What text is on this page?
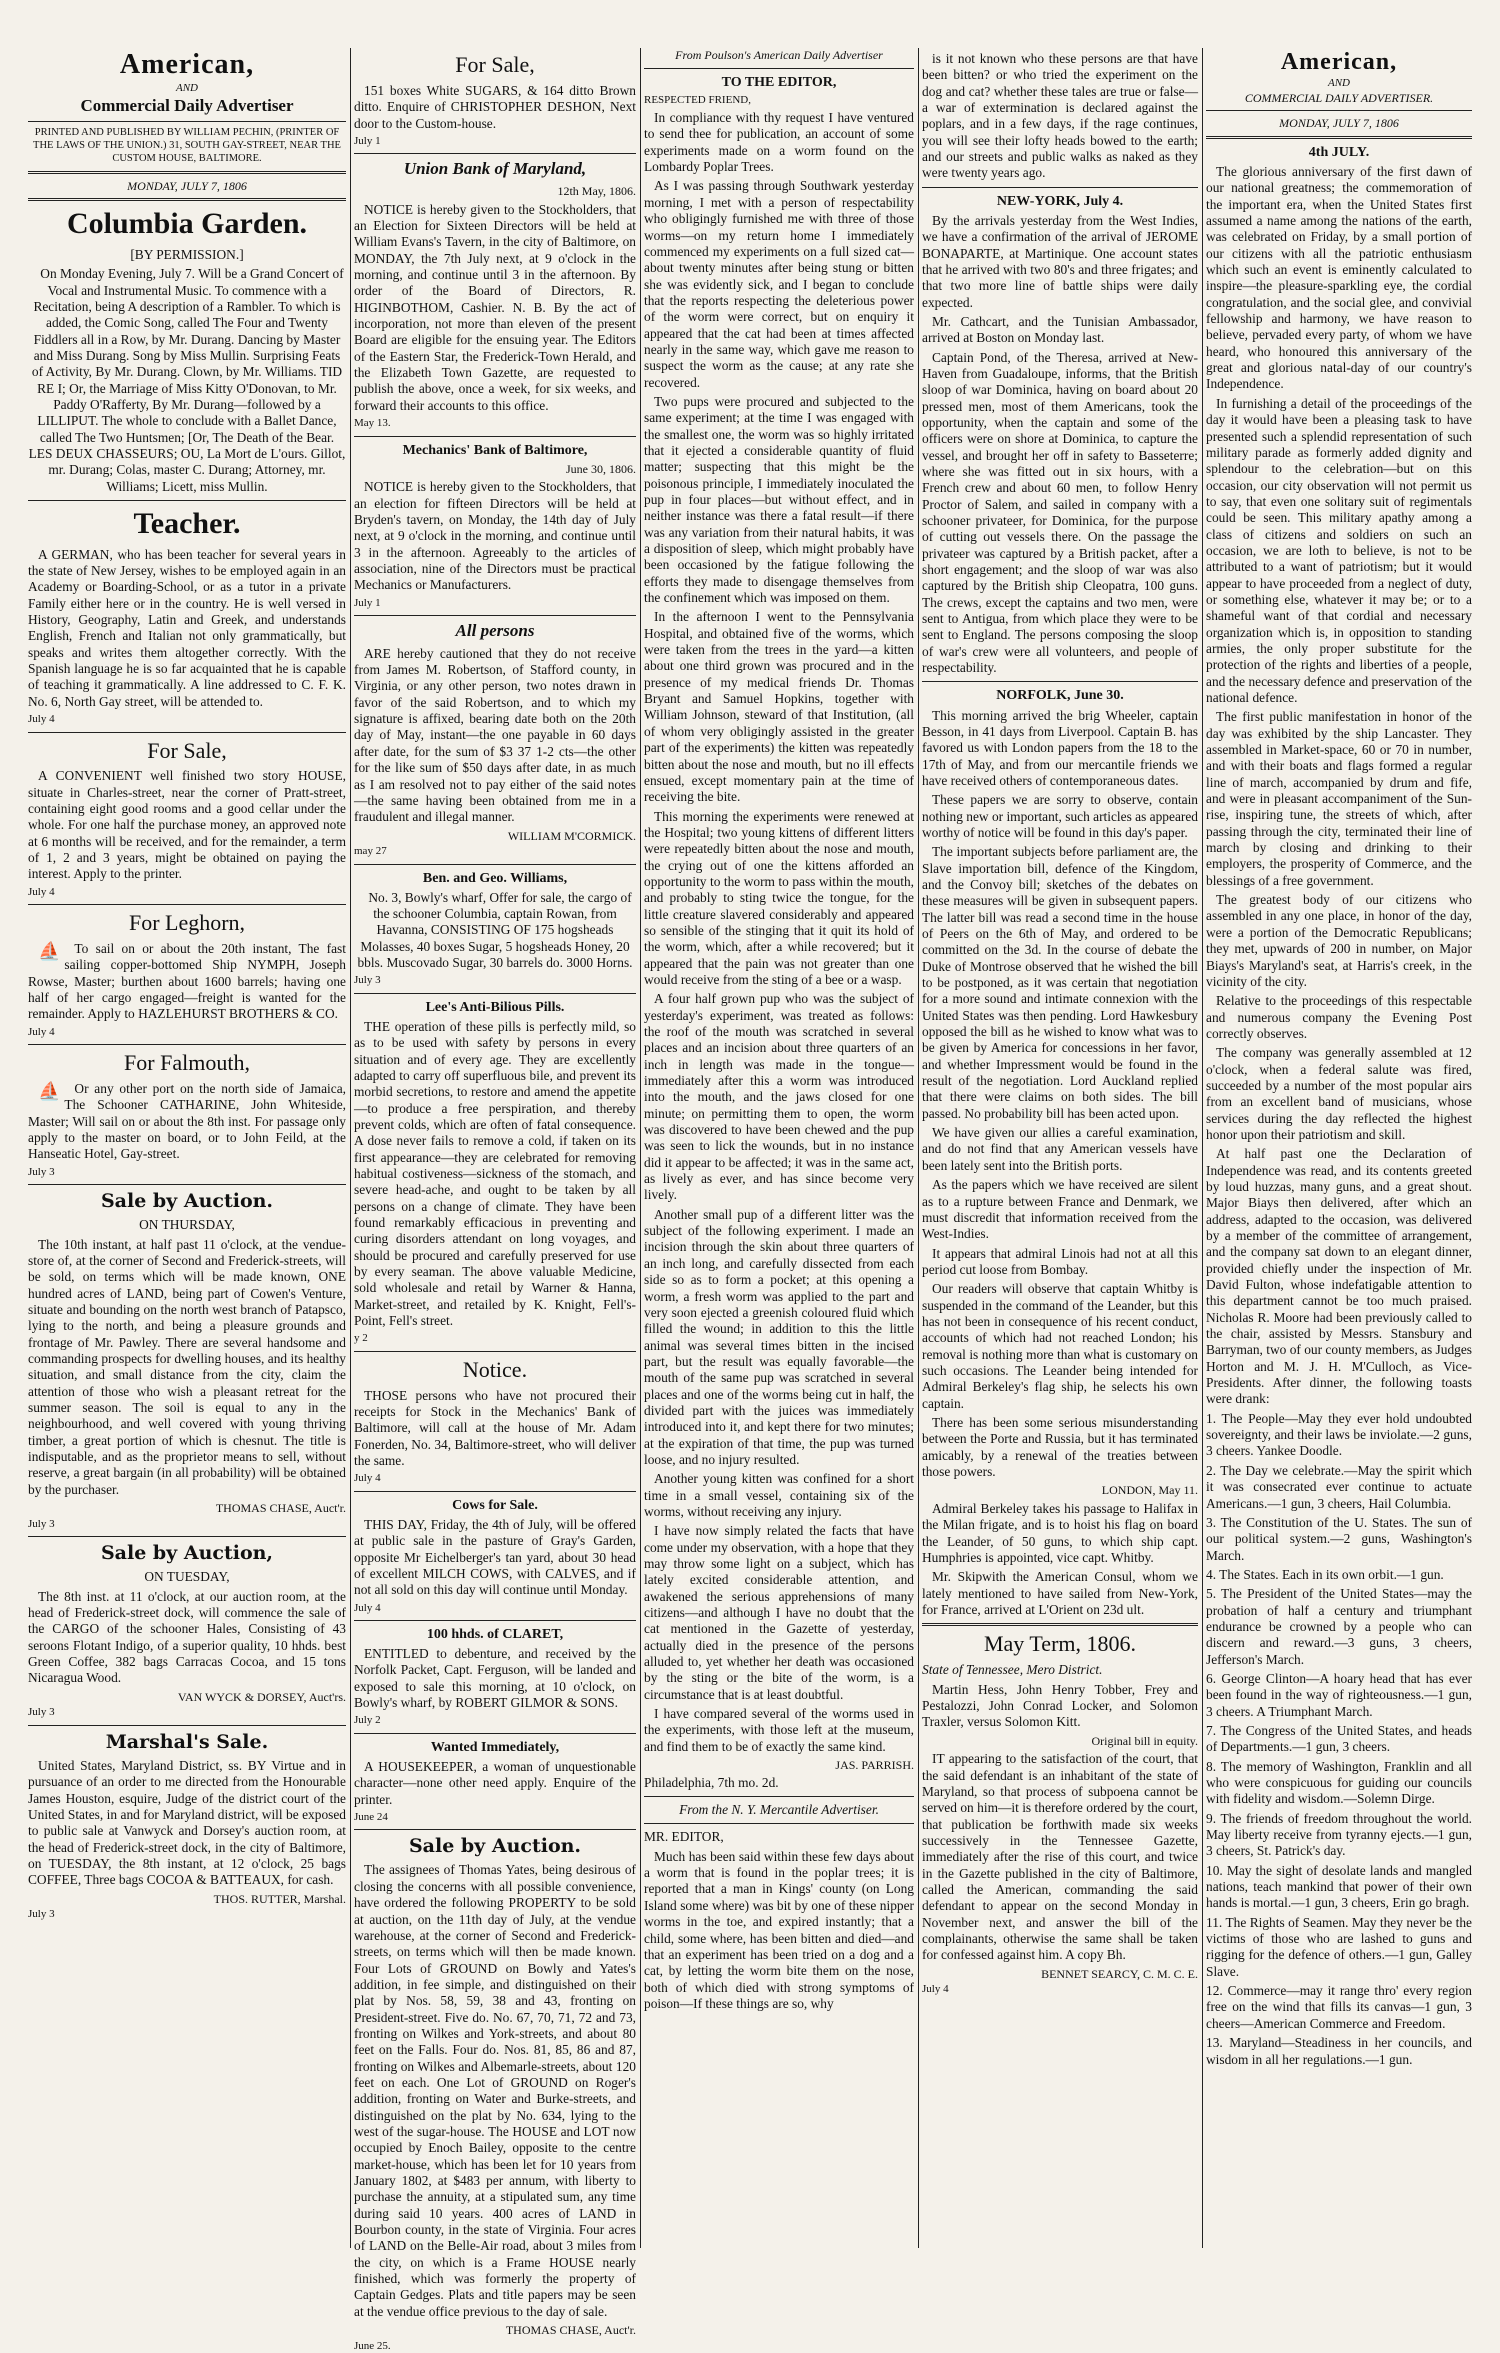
American,
AND
Commercial Daily Advertiser
PRINTED AND PUBLISHED BY WILLIAM PECHIN, (PRINTER OF THE LAWS OF THE UNION.) 31, SOUTH GAY-STREET, NEAR THE CUSTOM HOUSE, BALTIMORE.
MONDAY, JULY 7, 1806
Columbia Garden.
[BY PERMISSION.]

On Monday Evening, July 7. Will be a Grand Concert of Vocal and Instrumental Music. To commence with a Recitation, being A description of a Rambler. To which is added, the Comic Song, called The Four and Twenty Fiddlers all in a Row, by Mr. Durang. Dancing by Master and Miss Durang. Song by Miss Mullin. Surprising Feats of Activity, By Mr. Durang. Clown, by Mr. Williams. TID RE I; Or, the Marriage of Miss Kitty O'Donovan, to Mr. Paddy O'Rafferty, By Mr. Durang—followed by a LILLIPUT. The whole to conclude with a Ballet Dance, called The Two Huntsmen; [Or, The Death of the Bear. LES DEUX CHASSEURS; OU, La Mort de L'ours. Gillot, mr. Durang; Colas, master C. Durang; Attorney, mr. Williams; Licett, miss Mullin.

Teacher.

A GERMAN, who has been teacher for several years in the state of New Jersey, wishes to be employed again in an Academy or Boarding-School, or as a tutor in a private Family either here or in the country. He is well versed in History, Geography, Latin and Greek, and understands English, French and Italian not only grammatically, but speaks and writes them altogether correctly. With the Spanish language he is so far acquainted that he is capable of teaching it grammatically. A line addressed to C. F. K. No. 6, North Gay street, will be attended to.

July 4
For Sale,

A CONVENIENT well finished two story HOUSE, situate in Charles-street, near the corner of Pratt-street, containing eight good rooms and a good cellar under the whole. For one half the purchase money, an approved note at 6 months will be received, and for the remainder, a term of 1, 2 and 3 years, might be obtained on paying the interest. Apply to the printer.

July 4
For Leghorn,

⛵ To sail on or about the 20th instant, The fast sailing copper-bottomed Ship NYMPH, Joseph Rowse, Master; burthen about 1600 barrels; having one half of her cargo engaged—freight is wanted for the remainder. Apply to HAZLEHURST BROTHERS & CO.

July 4
For Falmouth,

⛵ Or any other port on the north side of Jamaica, The Schooner CATHARINE, John Whiteside, Master; Will sail on or about the 8th inst. For passage only apply to the master on board, or to John Feild, at the Hanseatic Hotel, Gay-street.

July 3
Sale by Auction.
ON THURSDAY,

The 10th instant, at half past 11 o'clock, at the vendue-store of, at the corner of Second and Frederick-streets, will be sold, on terms which will be made known, ONE hundred acres of LAND, being part of Cowen's Venture, situate and bounding on the north west branch of Patapsco, lying to the north, and being a pleasure grounds and frontage of Mr. Pawley. There are several handsome and commanding prospects for dwelling houses, and its healthy situation, and small distance from the city, claim the attention of those who wish a pleasant retreat for the summer season. The soil is equal to any in the neighbourhood, and well covered with young thriving timber, a great portion of which is chesnut. The title is indisputable, and as the proprietor means to sell, without reserve, a great bargain (in all probability) will be obtained by the purchaser.

THOMAS CHASE, Auct'r.
July 3
Sale by Auction,
ON TUESDAY,

The 8th inst. at 11 o'clock, at our auction room, at the head of Frederick-street dock, will commence the sale of the CARGO of the schooner Hales, Consisting of 43 seroons Flotant Indigo, of a superior quality, 10 hhds. best Green Coffee, 382 bags Carracas Cocoa, and 15 tons Nicaragua Wood.

VAN WYCK & DORSEY, Auct'rs.
July 3
Marshal's Sale.

United States, Maryland District, ss. BY Virtue and in pursuance of an order to me directed from the Honourable James Houston, esquire, Judge of the district court of the United States, in and for Maryland district, will be exposed to public sale at Vanwyck and Dorsey's auction room, at the head of Frederick-street dock, in the city of Baltimore, on TUESDAY, the 8th instant, at 12 o'clock, 25 bags COFFEE, Three bags COCOA & BATTEAUX, for cash.

THOS. RUTTER, Marshal.
July 3
For Sale,

151 boxes White SUGARS, & 164 ditto Brown ditto. Enquire of CHRISTOPHER DESHON, Next door to the Custom-house.

July 1
Union Bank of Maryland,
12th May, 1806.

NOTICE is hereby given to the Stockholders, that an Election for Sixteen Directors will be held at William Evans's Tavern, in the city of Baltimore, on MONDAY, the 7th July next, at 9 o'clock in the morning, and continue until 3 in the afternoon. By order of the Board of Directors, R. HIGINBOTHOM, Cashier. N. B. By the act of incorporation, not more than eleven of the present Board are eligible for the ensuing year. The Editors of the Eastern Star, the Frederick-Town Herald, and the Elizabeth Town Gazette, are requested to publish the above, once a week, for six weeks, and forward their accounts to this office.

May 13.
Mechanics' Bank of Baltimore,
June 30, 1806.

NOTICE is hereby given to the Stockholders, that an election for fifteen Directors will be held at Bryden's tavern, on Monday, the 14th day of July next, at 9 o'clock in the morning, and continue until 3 in the afternoon. Agreeably to the articles of association, nine of the Directors must be practical Mechanics or Manufacturers.

July 1
All persons

ARE hereby cautioned that they do not receive from James M. Robertson, of Stafford county, in Virginia, or any other person, two notes drawn in favor of the said Robertson, and to which my signature is affixed, bearing date both on the 20th day of May, instant—the one payable in 60 days after date, for the sum of $3 37 1-2 cts—the other for the like sum of $50 days after date, in as much as I am resolved not to pay either of the said notes—the same having been obtained from me in a fraudulent and illegal manner.

WILLIAM M'CORMICK.
may 27
Ben. and Geo. Williams,

No. 3, Bowly's wharf, Offer for sale, the cargo of the schooner Columbia, captain Rowan, from Havanna, CONSISTING OF 175 hogsheads Molasses, 40 boxes Sugar, 5 hogsheads Honey, 20 bbls. Muscovado Sugar, 30 barrels do. 3000 Horns.

July 3
Lee's Anti-Bilious Pills.

THE operation of these pills is perfectly mild, so as to be used with safety by persons in every situation and of every age. They are excellently adapted to carry off superfluous bile, and prevent its morbid secretions, to restore and amend the appetite—to produce a free perspiration, and thereby prevent colds, which are often of fatal consequence. A dose never fails to remove a cold, if taken on its first appearance—they are celebrated for removing habitual costiveness—sickness of the stomach, and severe head-ache, and ought to be taken by all persons on a change of climate. They have been found remarkably efficacious in preventing and curing disorders attendant on long voyages, and should be procured and carefully preserved for use by every seaman. The above valuable Medicine, sold wholesale and retail by Warner & Hanna, Market-street, and retailed by K. Knight, Fell's-Point, Fell's street.

y 2
Notice.

THOSE persons who have not procured their receipts for Stock in the Mechanics' Bank of Baltimore, will call at the house of Mr. Adam Fonerden, No. 34, Baltimore-street, who will deliver the same.

July 4
Cows for Sale.

THIS DAY, Friday, the 4th of July, will be offered at public sale in the pasture of Gray's Garden, opposite Mr Eichelberger's tan yard, about 30 head of excellent MILCH COWS, with CALVES, and if not all sold on this day will continue until Monday.

July 4
100 hhds. of CLARET,

ENTITLED to debenture, and received by the Norfolk Packet, Capt. Ferguson, will be landed and exposed to sale this morning, at 10 o'clock, on Bowly's wharf, by ROBERT GILMOR & SONS.

July 2
Wanted Immediately,

A HOUSEKEEPER, a woman of unquestionable character—none other need apply. Enquire of the printer.

June 24
Sale by Auction.

The assignees of Thomas Yates, being desirous of closing the concerns with all possible convenience, have ordered the following PROPERTY to be sold at auction, on the 11th day of July, at the vendue warehouse, at the corner of Second and Frederick-streets, on terms which will then be made known. Four Lots of GROUND on Bowly and Yates's addition, in fee simple, and distinguished on their plat by Nos. 58, 59, 38 and 43, fronting on President-street. Five do. No. 67, 70, 71, 72 and 73, fronting on Wilkes and York-streets, and about 80 feet on the Falls. Four do. Nos. 81, 85, 86 and 87, fronting on Wilkes and Albemarle-streets, about 120 feet on each. One Lot of GROUND on Roger's addition, fronting on Water and Burke-streets, and distinguished on the plat by No. 634, lying to the west of the sugar-house. The HOUSE and LOT now occupied by Enoch Bailey, opposite to the centre market-house, which has been let for 10 years from January 1802, at $483 per annum, with liberty to purchase the annuity, at a stipulated sum, any time during said 10 years. 400 acres of LAND in Bourbon county, in the state of Virginia. Four acres of LAND on the Belle-Air road, about 3 miles from the city, on which is a Frame HOUSE nearly finished, which was formerly the property of Captain Gedges. Plats and title papers may be seen at the vendue office previous to the day of sale.

THOMAS CHASE, Auct'r.
June 25.
From Poulson's American Daily Advertiser
TO THE EDITOR,
RESPECTED FRIEND,

In compliance with thy request I have ventured to send thee for publication, an account of some experiments made on a worm found on the Lombardy Poplar Trees.

As I was passing through Southwark yesterday morning, I met with a person of respectability who obligingly furnished me with three of those worms—on my return home I immediately commenced my experiments on a full sized cat—about twenty minutes after being stung or bitten she was evidently sick, and I began to conclude that the reports respecting the deleterious power of the worm were correct, but on enquiry it appeared that the cat had been at times affected nearly in the same way, which gave me reason to suspect the worm as the cause; at any rate she recovered.

Two pups were procured and subjected to the same experiment; at the time I was engaged with the smallest one, the worm was so highly irritated that it ejected a considerable quantity of fluid matter; suspecting that this might be the poisonous principle, I immediately inoculated the pup in four places—but without effect, and in neither instance was there a fatal result—if there was any variation from their natural habits, it was a disposition of sleep, which might probably have been occasioned by the fatigue following the efforts they made to disengage themselves from the confinement which was imposed on them.

In the afternoon I went to the Pennsylvania Hospital, and obtained five of the worms, which were taken from the trees in the yard—a kitten about one third grown was procured and in the presence of my medical friends Dr. Thomas Bryant and Samuel Hopkins, together with William Johnson, steward of that Institution, (all of whom very obligingly assisted in the greater part of the experiments) the kitten was repeatedly bitten about the nose and mouth, but no ill effects ensued, except momentary pain at the time of receiving the bite.

This morning the experiments were renewed at the Hospital; two young kittens of different litters were repeatedly bitten about the nose and mouth, the crying out of one the kittens afforded an opportunity to the worm to pass within the mouth, and probably to sting twice the tongue, for the little creature slavered considerably and appeared so sensible of the stinging that it quit its hold of the worm, which, after a while recovered; but it appeared that the pain was not greater than one would receive from the sting of a bee or a wasp.

A four half grown pup who was the subject of yesterday's experiment, was treated as follows: the roof of the mouth was scratched in several places and an incision about three quarters of an inch in length was made in the tongue—immediately after this a worm was introduced into the mouth, and the jaws closed for one minute; on permitting them to open, the worm was discovered to have been chewed and the pup was seen to lick the wounds, but in no instance did it appear to be affected; it was in the same act, as lively as ever, and has since become very lively.

Another small pup of a different litter was the subject of the following experiment. I made an incision through the skin about three quarters of an inch long, and carefully dissected from each side so as to form a pocket; at this opening a worm, a fresh worm was applied to the part and very soon ejected a greenish coloured fluid which filled the wound; in addition to this the little animal was several times bitten in the incised part, but the result was equally favorable—the mouth of the same pup was scratched in several places and one of the worms being cut in half, the divided part with the juices was immediately introduced into it, and kept there for two minutes; at the expiration of that time, the pup was turned loose, and no injury resulted.

Another young kitten was confined for a short time in a small vessel, containing six of the worms, without receiving any injury.

I have now simply related the facts that have come under my observation, with a hope that they may throw some light on a subject, which has lately excited considerable attention, and awakened the serious apprehensions of many citizens—and although I have no doubt that the cat mentioned in the Gazette of yesterday, actually died in the presence of the persons alluded to, yet whether her death was occasioned by the sting or the bite of the worm, is a circumstance that is at least doubtful.

I have compared several of the worms used in the experiments, with those left at the museum, and find them to be of exactly the same kind.

JAS. PARRISH.
Philadelphia, 7th mo. 2d.
From the N. Y. Mercantile Advertiser.
MR. EDITOR,

Much has been said within these few days about a worm that is found in the poplar trees; it is reported that a man in Kings' county (on Long Island some where) was bit by one of these nipper worms in the toe, and expired instantly; that a child, some where, has been bitten and died—and that an experiment has been tried on a dog and a cat, by letting the worm bite them on the nose, both of which died with strong symptoms of poison—If these things are so, why

is it not known who these persons are that have been bitten? or who tried the experiment on the dog and cat? whether these tales are true or false—a war of extermination is declared against the poplars, and in a few days, if the rage continues, you will see their lofty heads bowed to the earth; and our streets and public walks as naked as they were twenty years ago.

NEW-YORK, July 4.

By the arrivals yesterday from the West Indies, we have a confirmation of the arrival of JEROME BONAPARTE, at Martinique. One account states that he arrived with two 80's and three frigates; and that two more line of battle ships were daily expected.

Mr. Cathcart, and the Tunisian Ambassador, arrived at Boston on Monday last.

Captain Pond, of the Theresa, arrived at New-Haven from Guadaloupe, informs, that the British sloop of war Dominica, having on board about 20 pressed men, most of them Americans, took the opportunity, when the captain and some of the officers were on shore at Dominica, to capture the vessel, and brought her off in safety to Basseterre; where she was fitted out in six hours, with a French crew and about 60 men, to follow Henry Proctor of Salem, and sailed in company with a schooner privateer, for Dominica, for the purpose of cutting out vessels there. On the passage the privateer was captured by a British packet, after a short engagement; and the sloop of war was also captured by the British ship Cleopatra, 100 guns. The crews, except the captains and two men, were sent to Antigua, from which place they were to be sent to England. The persons composing the sloop of war's crew were all volunteers, and people of respectability.

NORFOLK, June 30.

This morning arrived the brig Wheeler, captain Besson, in 41 days from Liverpool. Captain B. has favored us with London papers from the 18 to the 17th of May, and from our mercantile friends we have received others of contemporaneous dates.

These papers we are sorry to observe, contain nothing new or important, such articles as appeared worthy of notice will be found in this day's paper.

The important subjects before parliament are, the Slave importation bill, defence of the Kingdom, and the Convoy bill; sketches of the debates on these measures will be given in subsequent papers. The latter bill was read a second time in the house of Peers on the 6th of May, and ordered to be committed on the 3d. In the course of debate the Duke of Montrose observed that he wished the bill to be postponed, as it was certain that negotiation for a more sound and intimate connexion with the United States was then pending. Lord Hawkesbury opposed the bill as he wished to know what was to be given by America for concessions in her favor, and whether Impressment would be found in the result of the negotiation. Lord Auckland replied that there were claims on both sides. The bill passed. No probability bill has been acted upon.

We have given our allies a careful examination, and do not find that any American vessels have been lately sent into the British ports.

As the papers which we have received are silent as to a rupture between France and Denmark, we must discredit that information received from the West-Indies.

It appears that admiral Linois had not at all this period cut loose from Bombay.

Our readers will observe that captain Whitby is suspended in the command of the Leander, but this has not been in consequence of his recent conduct, accounts of which had not reached London; his removal is nothing more than what is customary on such occasions. The Leander being intended for Admiral Berkeley's flag ship, he selects his own captain.

There has been some serious misunderstanding between the Porte and Russia, but it has terminated amicably, by a renewal of the treaties between those powers.

LONDON, May 11.

Admiral Berkeley takes his passage to Halifax in the Milan frigate, and is to hoist his flag on board the Leander, of 50 guns, to which ship capt. Humphries is appointed, vice capt. Whitby.

Mr. Skipwith the American Consul, whom we lately mentioned to have sailed from New-York, for France, arrived at L'Orient on 23d ult.

May Term, 1806.
State of Tennessee, Mero District.

Martin Hess, John Henry Tobber, Frey and Pestalozzi, John Conrad Locker, and Solomon Traxler, versus Solomon Kitt.

Original bill in equity.

IT appearing to the satisfaction of the court, that the said defendant is an inhabitant of the state of Maryland, so that process of subpoena cannot be served on him—it is therefore ordered by the court, that publication be forthwith made six weeks successively in the Tennessee Gazette, immediately after the rise of this court, and twice in the Gazette published in the city of Baltimore, called the American, commanding the said defendant to appear on the second Monday in November next, and answer the bill of the complainants, otherwise the same shall be taken for confessed against him. A copy Bh.

BENNET SEARCY, C. M. C. E.
July 4
American,
AND
COMMERCIAL DAILY ADVERTISER.
MONDAY, JULY 7, 1806
4th JULY.

The glorious anniversary of the first dawn of our national greatness; the commemoration of the important era, when the United States first assumed a name among the nations of the earth, was celebrated on Friday, by a small portion of our citizens with all the patriotic enthusiasm which such an event is eminently calculated to inspire—the pleasure-sparkling eye, the cordial congratulation, and the social glee, and convivial fellowship and harmony, we have reason to believe, pervaded every party, of whom we have heard, who honoured this anniversary of the great and glorious natal-day of our country's Independence.

In furnishing a detail of the proceedings of the day it would have been a pleasing task to have presented such a splendid representation of such military parade as formerly added dignity and splendour to the celebration—but on this occasion, our city observation will not permit us to say, that even one solitary suit of regimentals could be seen. This military apathy among a class of citizens and soldiers on such an occasion, we are loth to believe, is not to be attributed to a want of patriotism; but it would appear to have proceeded from a neglect of duty, or something else, whatever it may be; or to a shameful want of that cordial and necessary organization which is, in opposition to standing armies, the only proper substitute for the protection of the rights and liberties of a people, and the necessary defence and preservation of the national defence.

The first public manifestation in honor of the day was exhibited by the ship Lancaster. They assembled in Market-space, 60 or 70 in number, and with their boats and flags formed a regular line of march, accompanied by drum and fife, and were in pleasant accompaniment of the Sun-rise, inspiring tune, the streets of which, after passing through the city, terminated their line of march by closing and drinking to their employers, the prosperity of Commerce, and the blessings of a free government.

The greatest body of our citizens who assembled in any one place, in honor of the day, were a portion of the Democratic Republicans; they met, upwards of 200 in number, on Major Biays's Maryland's seat, at Harris's creek, in the vicinity of the city.

Relative to the proceedings of this respectable and numerous company the Evening Post correctly observes.

The company was generally assembled at 12 o'clock, when a federal salute was fired, succeeded by a number of the most popular airs from an excellent band of musicians, whose services during the day reflected the highest honor upon their patriotism and skill.

At half past one the Declaration of Independence was read, and its contents greeted by loud huzzas, many guns, and a great shout. Major Biays then delivered, after which an address, adapted to the occasion, was delivered by a member of the committee of arrangement, and the company sat down to an elegant dinner, provided chiefly under the inspection of Mr. David Fulton, whose indefatigable attention to this department cannot be too much praised. Nicholas R. Moore had been previously called to the chair, assisted by Messrs. Stansbury and Barryman, two of our county members, as Judges Horton and M. J. H. M'Culloch, as Vice-Presidents. After dinner, the following toasts were drank:

1. The People—May they ever hold undoubted sovereignty, and their laws be inviolate.—2 guns, 3 cheers. Yankee Doodle.

2. The Day we celebrate.—May the spirit which it was consecrated ever continue to actuate Americans.—1 gun, 3 cheers, Hail Columbia.

3. The Constitution of the U. States. The sun of our political system.—2 guns, Washington's March.

4. The States. Each in its own orbit.—1 gun.

5. The President of the United States—may the probation of half a century and triumphant endurance be crowned by a people who can discern and reward.—3 guns, 3 cheers, Jefferson's March.

6. George Clinton—A hoary head that has ever been found in the way of righteousness.—1 gun, 3 cheers. A Triumphant March.

7. The Congress of the United States, and heads of Departments.—1 gun, 3 cheers.

8. The memory of Washington, Franklin and all who were conspicuous for guiding our councils with fidelity and wisdom.—Solemn Dirge.

9. The friends of freedom throughout the world. May liberty receive from tyranny ejects.—1 gun, 3 cheers, St. Patrick's day.

10. May the sight of desolate lands and mangled nations, teach mankind that power of their own hands is mortal.—1 gun, 3 cheers, Erin go bragh.

11. The Rights of Seamen. May they never be the victims of those who are lashed to guns and rigging for the defence of others.—1 gun, Galley Slave.

12. Commerce—may it range thro' every region free on the wind that fills its canvas—1 gun, 3 cheers—American Commerce and Freedom.

13. Maryland—Steadiness in her councils, and wisdom in all her regulations.—1 gun.
